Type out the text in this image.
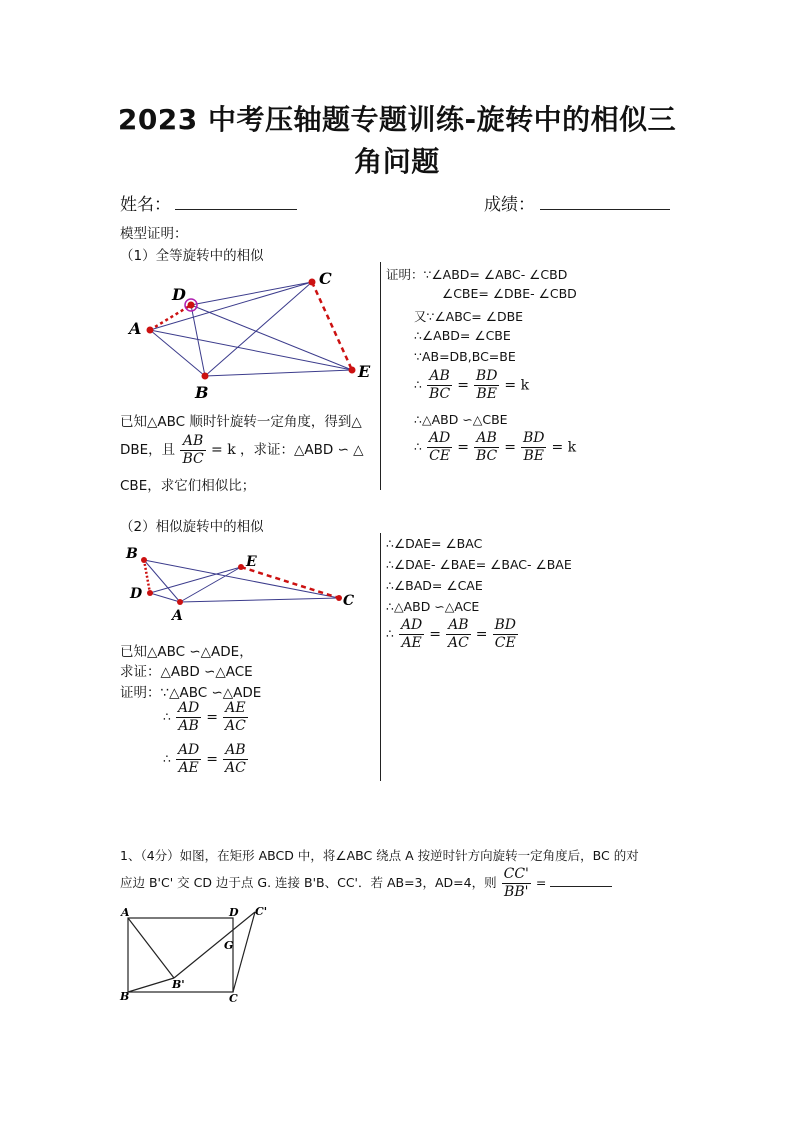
2023 中考压轴题专题训练-旋转中的相似三
角问题
姓名：	成绩：
模型证明：
（1）全等旋转中的相似
A
D
B
C
E
已知△ABC 顺时针旋转一定角度，得到△
DBE，且 $\frac{AB}{BC} = k$ ，求证：△ABD ∽ △
CBE，求它们相似比；
证明：∵∠ABD= ∠ABC- ∠CBD
∠CBE= ∠DBE- ∠CBD
又∵∠ABC= ∠DBE
∴∠ABD= ∠CBE
∵AB=DB,BC=BE
∴ $\frac{AB}{BC} = \frac{BD}{BE} = k$
∴△ABD ∽△CBE
∴ $\frac{AD}{CE} = \frac{AB}{BC} = \frac{BD}{BE} = k$
（2）相似旋转中的相似
B
D
A
E
C
已知△ABC ∽△ADE，
求证：△ABD ∽△ACE
证明：∵△ABC ∽△ADE
∴ $\frac{AD}{AB} = \frac{AE}{AC}$
∴ $\frac{AD}{AE} = \frac{AB}{AC}$
∴∠DAE= ∠BAC
∴∠DAE- ∠BAE= ∠BAC- ∠BAE
∴∠BAD= ∠CAE
∴△ABD ∽△ACE
∴ $\frac{AD}{AE} = \frac{AB}{AC} = \frac{BD}{CE}$
1、（4分）如图，在矩形 ABCD 中，将∠ABC 绕点 A 按逆时针方向旋转一定角度后，BC 的对
应边 B'C' 交 CD 边于点 G. 连接 B'B、CC'．若 AB=3，AD=4，则 $\frac{CC'}{BB'}$ =
A	D C'
G
B
B'
C
